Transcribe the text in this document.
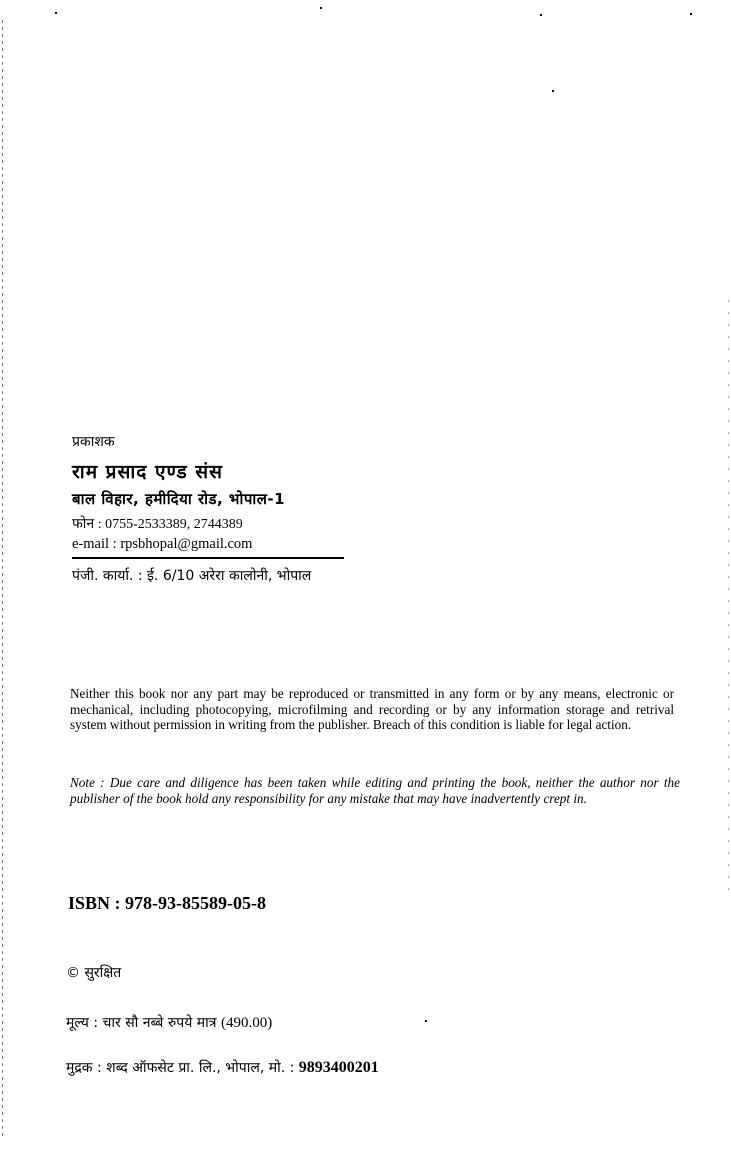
प्रकाशक
राम प्रसाद एण्ड संस
बाल विहार, हमीदिया रोड, भोपाल-1
फोन : 0755-2533389, 2744389
e-mail : rpsbhopal@gmail.com
पंजी. कार्या. : ई. 6/10 अरेरा कालोनी, भोपाल
Neither this book nor any part may be reproduced or transmitted in any form or by any means, electronic or mechanical, including photocopying, microfilming and recording or by any information storage and retrival system without permission in writing from the publisher. Breach of this condition is liable for legal action.
Note : Due care and diligence has been taken while editing and printing the book, neither the author nor the publisher of the book hold any responsibility for any mistake that may have inadvertently crept in.
ISBN : 978-93-85589-05-8
© सुरक्षित
मूल्य : चार सौ नब्बे रुपये मात्र (490.00)
मुद्रक : शब्द ऑफसेट प्रा. लि., भोपाल, मो. : 9893400201
